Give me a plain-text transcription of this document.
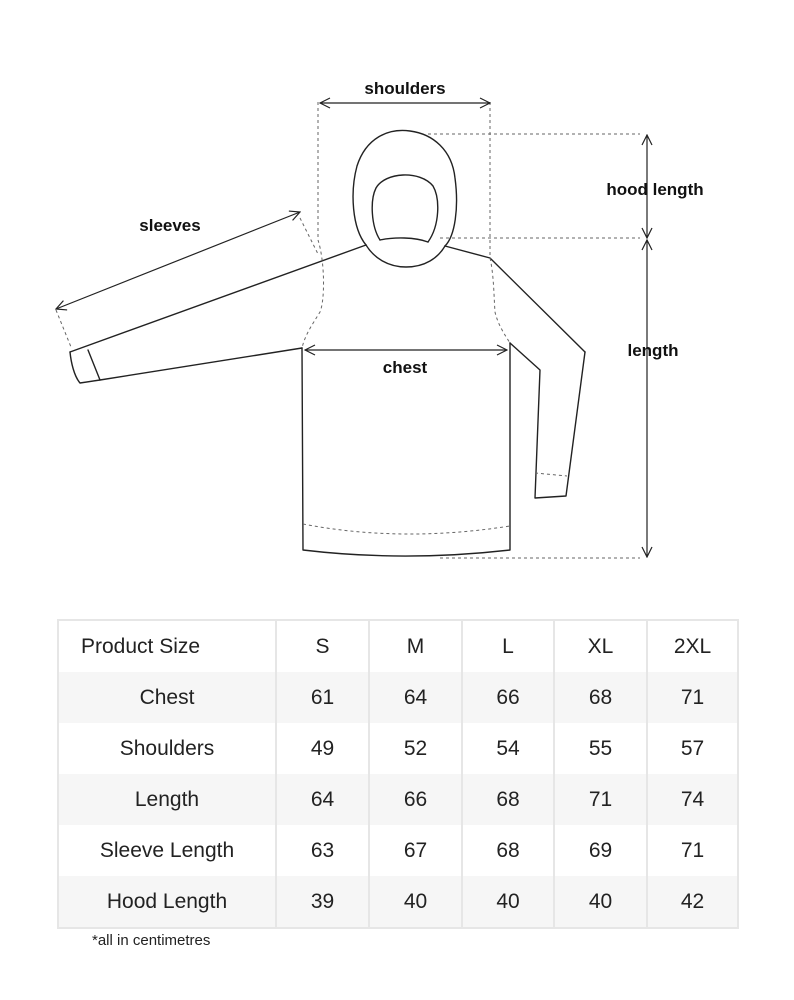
shoulders
hood length
sleeves
length
chest
Product Size	S	M	L	XL	2XL
Chest	61	64	66	68	71
Shoulders	49	52	54	55	57
Length	64	66	68	71	74
Sleeve Length	63	67	68	69	71
Hood Length	39	40	40	40	42
*all in centimetres
